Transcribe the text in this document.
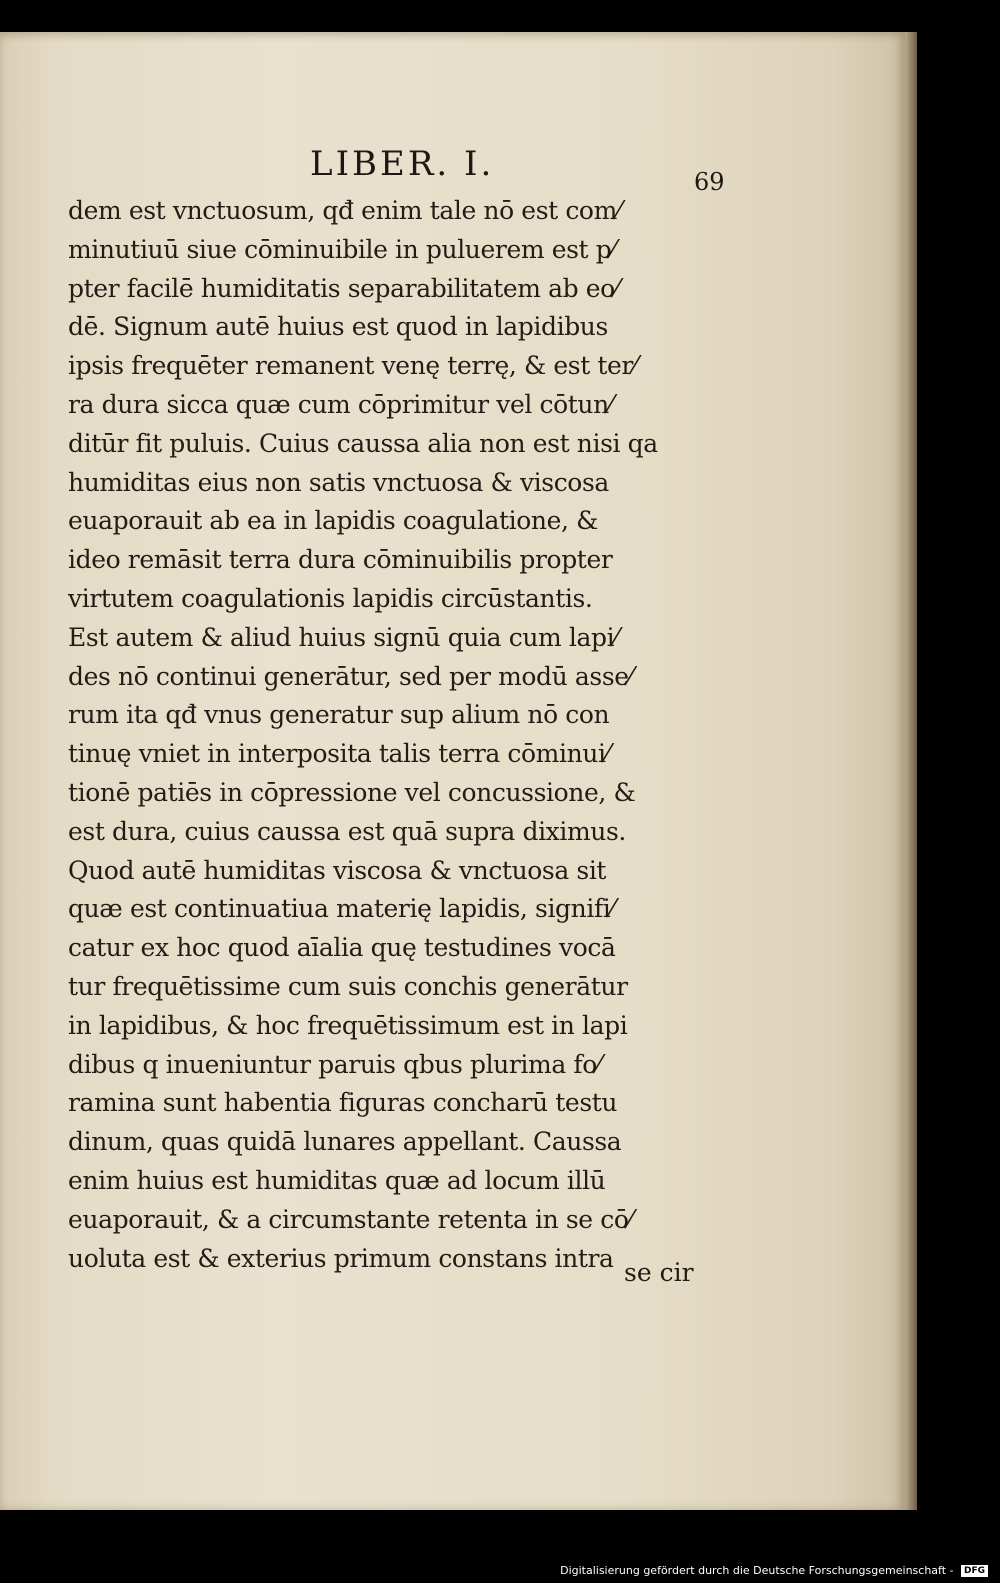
LIBER. I.	69
dem est vnctuosum, qđ enim tale nō est com⁄
minutiuū siue cōminuibile in puluerem est p⁄
pter facilē humiditatis separabilitatem ab eo⁄
dē. Signum autē huius est quod in lapidibus
ipsis frequēter remanent venę terrę, & est ter⁄
ra dura sicca quæ cum cōprimitur vel cōtun⁄
ditūr fit puluis. Cuius caussa alia non est nisi qa
humiditas eius non satis vnctuosa & viscosa
euaporauit ab ea in lapidis coagulatione, &
ideo remāsit terra dura cōminuibilis propter
virtutem coagulationis lapidis circūstantis.
Est autem & aliud huius signū quia cum lapi⁄
des nō continui generātur, sed per modū asse⁄
rum ita qđ vnus generatur sup alium nō con
tinuę vniet in interposita talis terra cōminui⁄
tionē patiēs in cōpressione vel concussione, &
est dura, cuius caussa est quā supra diximus.
Quod autē humiditas viscosa & vnctuosa sit
quæ est continuatiua materię lapidis, signifi⁄
catur ex hoc quod aīalia quę testudines vocā
tur frequētissime cum suis conchis generātur
in lapidibus, & hoc frequētissimum est in lapi
dibus q inueniuntur paruis qbus plurima fo⁄
ramina sunt habentia figuras concharū testu
dinum, quas quidā lunares appellant. Caussa
enim huius est humiditas quæ ad locum illū
euaporauit, & a circumstante retenta in se cō⁄
uoluta est & exterius primum constans intra se cir
Digitalisierung gefördert durch die Deutsche Forschungsgemeinschaft - DFG
